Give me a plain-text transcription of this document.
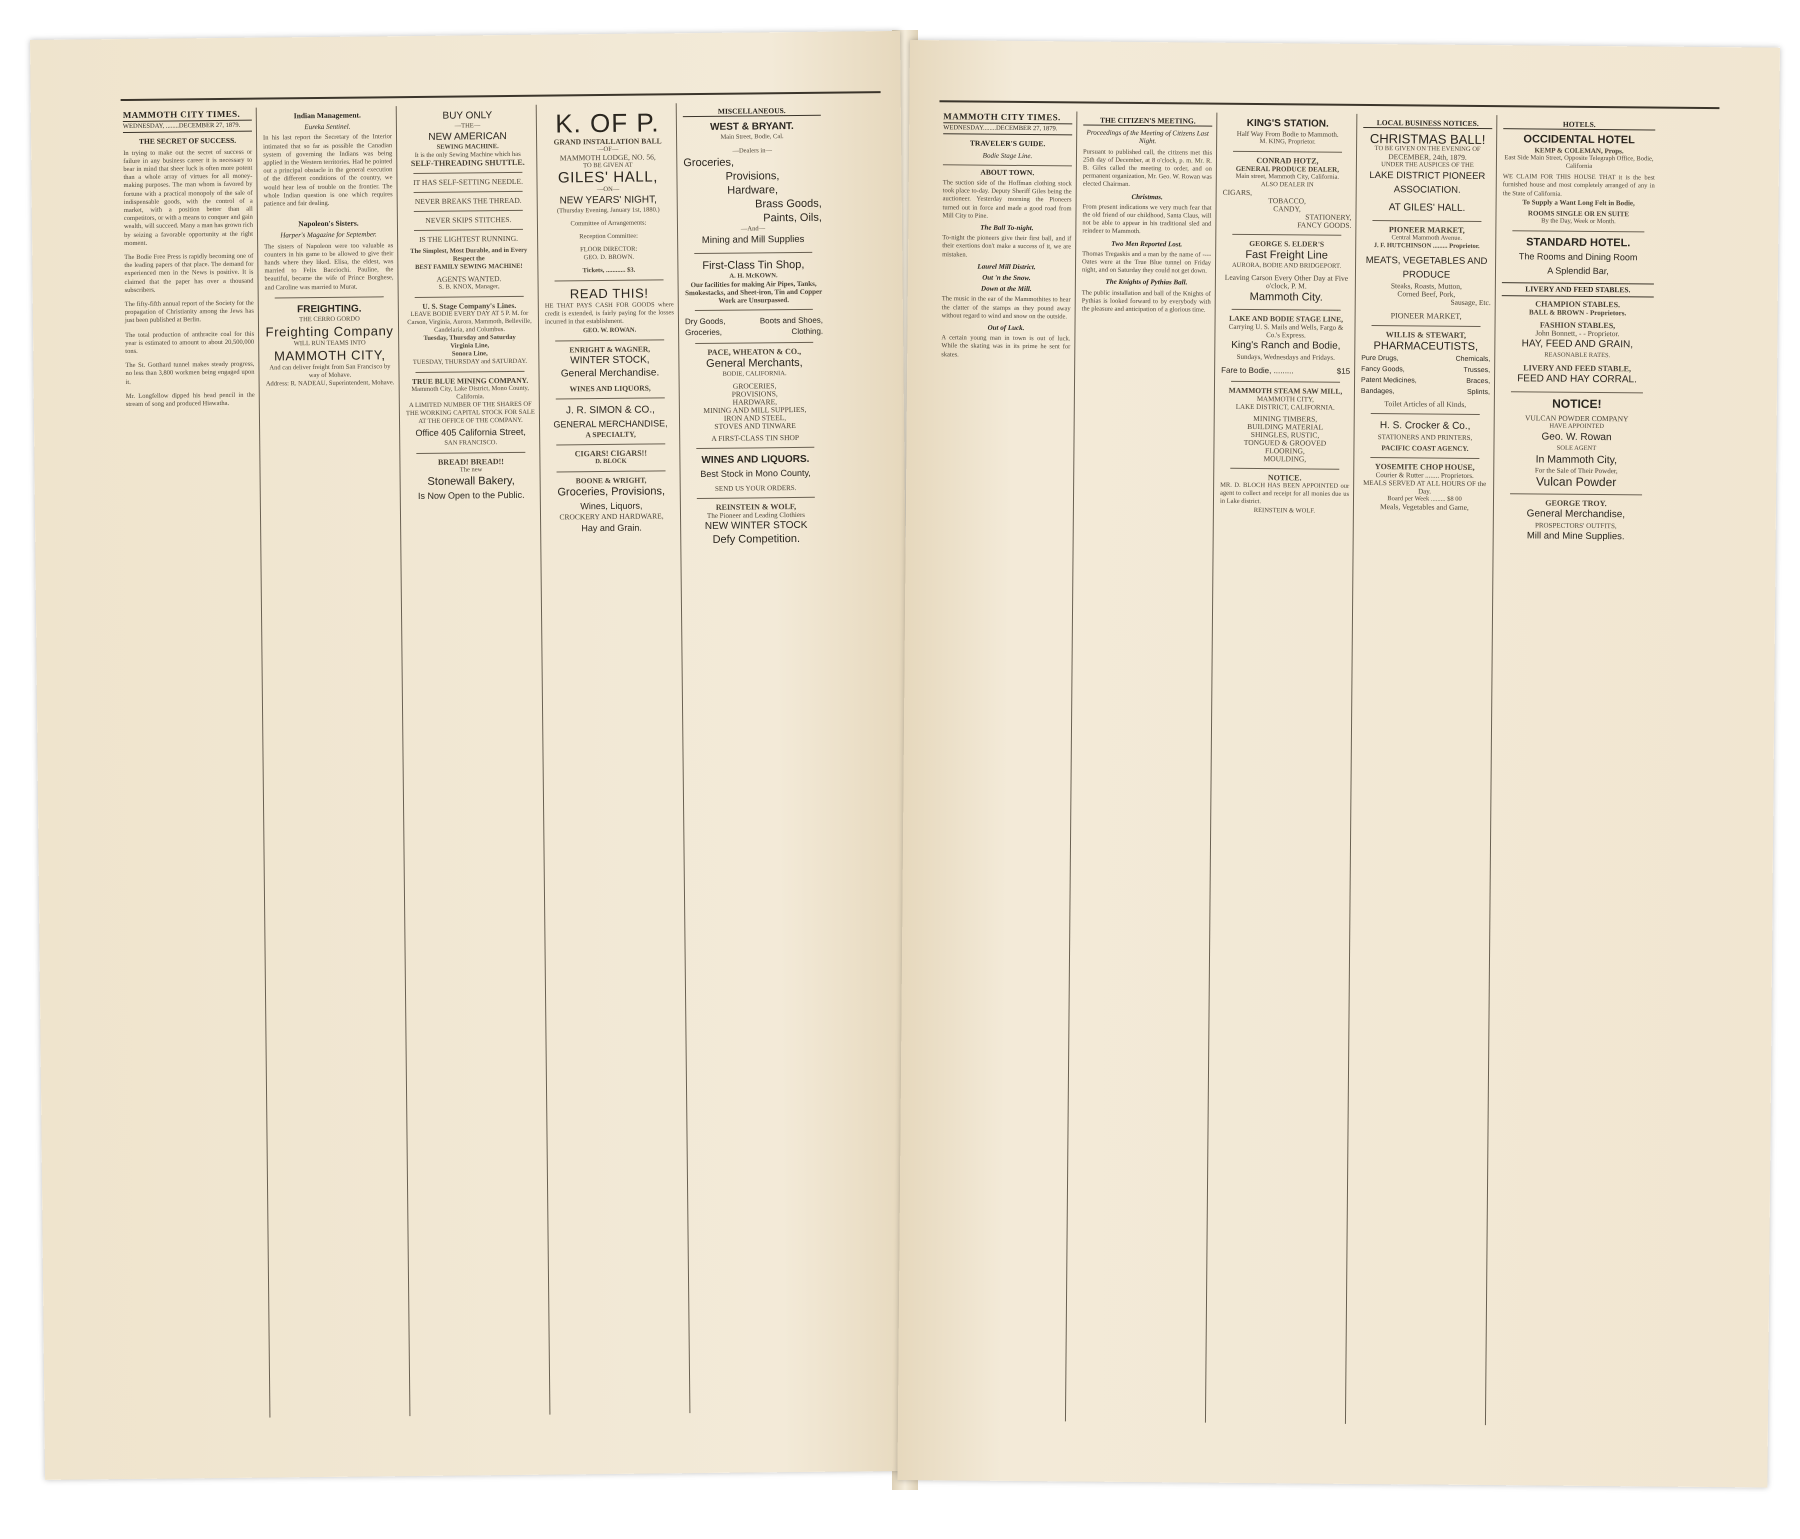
MAMMOTH CITY TIMES.
WEDNESDAY, ........DECEMBER 27, 1879.
THE SECRET OF SUCCESS.
In trying to make out the secret of success or failure in any business career it is necessary to bear in mind that sheer luck is often more potent than a whole array of virtues for all money-making purposes. The man whom is favored by fortune with a practical monopoly of the sale of indispensable goods, with the control of a market, with a position better than all competitors, or with a means to conquer and gain wealth, will succeed. Many a man has grown rich by seizing a favorable opportunity at the right moment.
The Bodie Free Press is rapidly becoming one of the leading papers of that place. The demand for experienced men in the News is positive. It is claimed that the paper has over a thousand subscribers.
The fifty-fifth annual report of the Society for the propagation of Christianity among the Jews has just been published at Berlin.
The total production of anthracite coal for this year is estimated to amount to about 20,500,000 tons.
The St. Gotthard tunnel makes steady progress, no less than 3,800 workmen being engaged upon it.
Mr. Longfellow dipped his head pencil in the stream of song and produced Hiawatha.
Indian Management.
Eureka Sentinel.
In his last report the Secretary of the Interior intimated that so far as possible the Canadian system of governing the Indians was being applied in the Western territories. Had he pointed out a principal obstacle in the general execution of the different conditions of the country, we would hear less of trouble on the frontier. The whole Indian question is one which requires patience and fair dealing.
Napoleon's Sisters.
Harper's Magazine for September.
The sisters of Napoleon were too valuable as counters in his game to be allowed to give their hands where they liked. Elisa, the eldest, was married to Felix Bacciochi. Pauline, the beautiful, became the wife of Prince Borghese, and Caroline was married to Murat.
FREIGHTING.
THE CERRO GORDO
Freighting Company
WILL RUN TEAMS INTO
MAMMOTH CITY,
And can deliver freight from San Francisco by way of Mohave.
Address: R. NADEAU, Superintendent, Mohave.
BUY ONLY
—THE—
NEW AMERICAN
SEWING MACHINE.
It is the only Sewing Machine which has
SELF-THREADING SHUTTLE.
IT HAS SELF-SETTING NEEDLE.
NEVER BREAKS THE THREAD.
NEVER SKIPS STITCHES.
IS THE LIGHTEST RUNNING.
The Simplest, Most Durable, and in Every Respect the
BEST FAMILY SEWING MACHINE!
AGENTS WANTED.
S. B. KNOX, Manager,
U. S. Stage Company's Lines.
LEAVE BODIE EVERY DAY AT 5 P. M. for Carson, Virginia, Aurora, Mammoth, Belleville, Candelaria, and Columbus.
Tuesday, Thursday and Saturday
Virginia Line,
Sonora Line,
TUESDAY, THURSDAY and SATURDAY.
TRUE BLUE MINING COMPANY.
Mammoth City, Lake District, Mono County, California.
A LIMITED NUMBER OF THE SHARES OF THE WORKING CAPITAL STOCK FOR SALE AT THE OFFICE OF THE COMPANY.
Office 405 California Street,
SAN FRANCISCO.
BREAD! BREAD!!
The new
Stonewall Bakery,
Is Now Open to the Public.
K. OF P.
GRAND INSTALLATION BALL
—OF—
MAMMOTH LODGE, NO. 56,
TO BE GIVEN AT
GILES' HALL,
—ON—
NEW YEARS' NIGHT,
(Thursday Evening, January 1st, 1880.)
Committee of Arrangements:
Reception Committee:
FLOOR DIRECTOR:
GEO. D. BROWN.
Tickets, ............ $3.
READ THIS!
HE THAT PAYS CASH FOR GOODS where credit is extended, is fairly paying for the losses incurred in that establishment.
GEO. W. ROWAN.
ENRIGHT & WAGNER,
WINTER STOCK,
General Merchandise.
WINES AND LIQUORS,
J. R. SIMON & CO.,
GENERAL MERCHANDISE,
A SPECIALTY,
CIGARS! CIGARS!!
D. BLOCK
BOONE & WRIGHT,
Groceries, Provisions,
Wines, Liquors,
CROCKERY AND HARDWARE,
Hay and Grain.
MISCELLANEOUS.
WEST & BRYANT.
Main Street, Bodie, Cal.
—Dealers in—
Groceries,
Provisions,
Hardware,
Brass Goods,
Paints, Oils,
—And—
Mining and Mill Supplies
First-Class Tin Shop,
A. H. McKOWN.
Our facilities for making Air Pipes, Tanks, Smokestacks, and Sheet-iron, Tin and Copper Work are Unsurpassed.
Dry Goods,	Boots and Shoes,
Groceries,	Clothing.
PACE, WHEATON & CO.,
General Merchants,
BODIE, CALIFORNIA.
GROCERIES,
PROVISIONS,
HARDWARE,
MINING AND MILL SUPPLIES,
IRON AND STEEL,
STOVES AND TINWARE
A FIRST-CLASS TIN SHOP
WINES AND LIQUORS.
Best Stock in Mono County,
SEND US YOUR ORDERS.
REINSTEIN & WOLF,
The Pioneer and Leading Clothiers
NEW WINTER STOCK
Defy Competition.
MAMMOTH CITY TIMES.
WEDNESDAY........DECEMBER 27, 1879.
TRAVELER'S GUIDE.
Bodie Stage Line.
ABOUT TOWN.
The suction side of the Hoffman clothing stock took place to-day. Deputy Sheriff Giles being the auctioneer. Yesterday morning the Pioneers turned out in force and made a good road from Mill City to Pine.
The Ball To-night.
To-night the pioneers give their first ball, and if their exertions don't make a success of it, we are mistaken.
Laurel Mill District.
Out 'n the Snow.
Down at the Mill.
The music in the ear of the Mammothites to hear the clatter of the stamps as they pound away without regard to wind and snow on the outside.
Out of Luck.
A certain young man in town is out of luck. While the skating was in its prime he sent for skates.
THE CITIZEN'S MEETING.
Proceedings of the Meeting of Citizens Last Night.
Pursuant to published call, the citizens met this 25th day of December, at 8 o'clock, p. m. Mr. R. B. Giles called the meeting to order, and on permanent organization, Mr. Geo. W. Rowan was elected Chairman.
Christmas.
From present indications we very much fear that the old friend of our childhood, Santa Claus, will not be able to appear in his traditional sled and reindeer to Mammoth.
Two Men Reported Lost.
Thomas Tregaskis and a man by the name of ---- Oates were at the True Blue tunnel on Friday night, and on Saturday they could not get down.
The Knights of Pythias Ball.
The public installation and ball of the Knights of Pythias is looked forward to by everybody with the pleasure and anticipation of a glorious time.
KING'S STATION.
Half Way From Bodie to Mammoth.
M. KING, Proprietor.
CONRAD HOTZ,
GENERAL PRODUCE DEALER,
Main street, Mammoth City, California.
ALSO DEALER IN
CIGARS,
TOBACCO,
CANDY,
STATIONERY,
FANCY GOODS.
GEORGE S. ELDER'S
Fast Freight Line
AURORA, BODIE AND BRIDGEPORT.
Leaving Carson Every Other Day at Five o'clock, P. M.
Mammoth City.
LAKE AND BODIE STAGE LINE,
Carrying U. S. Mails and Wells, Fargo & Co.'s Express.
King's Ranch and Bodie,
Sundays, Wednesdays and Fridays.
Fare to Bodie, .........	$15
MAMMOTH STEAM SAW MILL,
MAMMOTH CITY,
LAKE DISTRICT, CALIFORNIA.
MINING TIMBERS,
BUILDING MATERIAL
SHINGLES, RUSTIC,
TONGUED & GROOVED
FLOORING,
MOULDING,
NOTICE.
MR. D. BLOCH HAS BEEN APPOINTED our agent to collect and receipt for all monies due us in Lake district.
REINSTEIN & WOLF.
LOCAL BUSINESS NOTICES.
CHRISTMAS BALL!
TO BE GIVEN ON THE EVENING OF
DECEMBER, 24th, 1879.
UNDER THE AUSPICES OF THE
LAKE DISTRICT PIONEER ASSOCIATION.
AT GILES' HALL.
PIONEER MARKET,
Central Mammoth Avenue.
J. F. HUTCHINSON ......... Proprietor.
MEATS, VEGETABLES AND PRODUCE
Steaks, Roasts, Mutton,
Corned Beef, Pork,
Sausage, Etc.
PIONEER MARKET,
WILLIS & STEWART,
PHARMACEUTISTS,
Pure Drugs,	Chemicals,
Fancy Goods,	Trusses,
Patent Medicines,	Braces,
Bandages,	Splints,
Toilet Articles of all Kinds,
H. S. Crocker & Co.,
STATIONERS AND PRINTERS,
PACIFIC COAST AGENCY.
YOSEMITE CHOP HOUSE,
Courier & Rutter ........ Proprietors.
MEALS SERVED AT ALL HOURS OF the Day.
Board per Week ......... $8 00
Meals, Vegetables and Game,
HOTELS.
OCCIDENTAL HOTEL
KEMP & COLEMAN, Props.
East Side Main Street, Opposite Telegraph Office, Bodie, California
WE CLAIM FOR THIS HOUSE THAT it is the best furnished house and most completely arranged of any in the State of California.
To Supply a Want Long Felt in Bodie,
ROOMS SINGLE OR EN SUITE
By the Day, Week or Month.
STANDARD HOTEL.
The Rooms and Dining Room
A Splendid Bar,
LIVERY AND FEED STABLES.
CHAMPION STABLES.
BALL & BROWN - Proprietors.
FASHION STABLES,
John Bonnett, - - Proprietor.
HAY, FEED AND GRAIN,
REASONABLE RATES.
LIVERY AND FEED STABLE,
FEED AND HAY CORRAL.
NOTICE!
VULCAN POWDER COMPANY
HAVE APPOINTED
Geo. W. Rowan
SOLE AGENT
In Mammoth City,
For the Sale of Their Powder,
Vulcan Powder
GEORGE TROY.
General Merchandise,
PROSPECTORS' OUTFITS,
Mill and Mine Supplies.
